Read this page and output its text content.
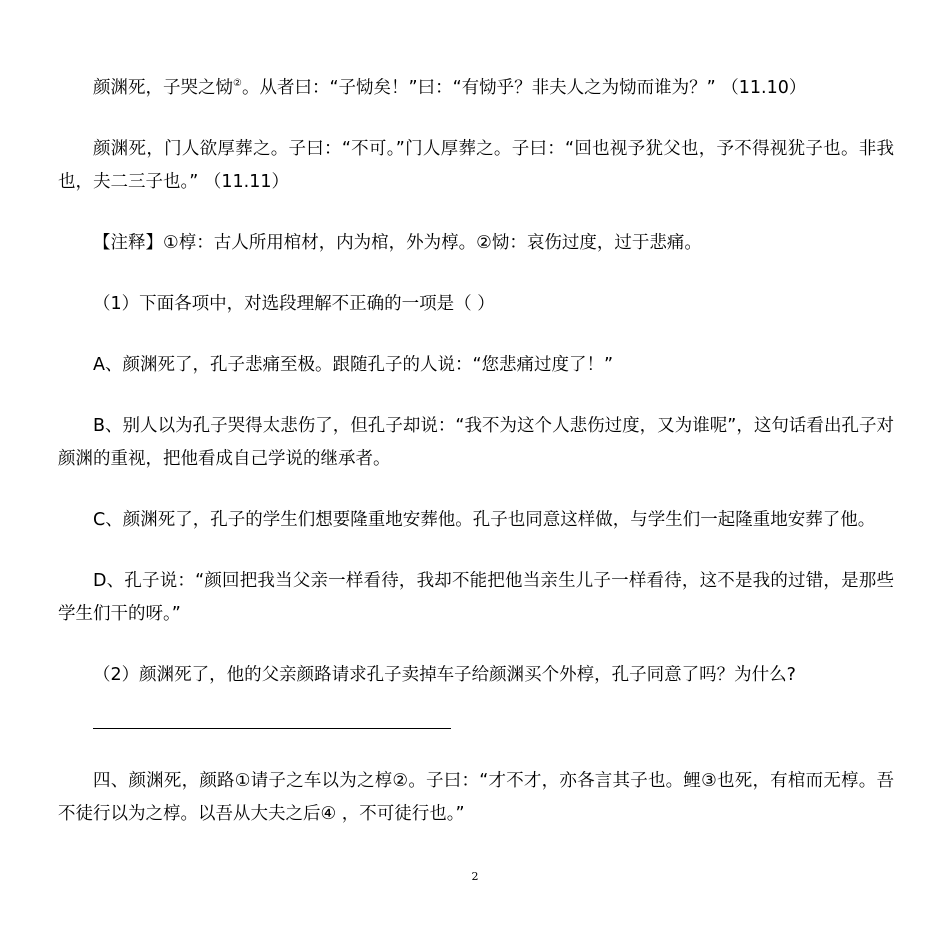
颜渊死，子哭之恸②。从者曰：“子恸矣！”曰：“有恸乎？非夫人之为恸而谁为？” （11.10）

颜渊死，门人欲厚葬之。子曰：“不可。”门人厚葬之。子曰：“回也视予犹父也，予不得视犹子也。非我也，夫二三子也。” （11.11）

【注释】①椁：古人所用棺材，内为棺，外为椁。②恸：哀伤过度，过于悲痛。

（1）下面各项中，对选段理解不正确的一项是（ ）

A、颜渊死了，孔子悲痛至极。跟随孔子的人说：“您悲痛过度了！”

B、别人以为孔子哭得太悲伤了，但孔子却说：“我不为这个人悲伤过度，又为谁呢”，这句话看出孔子对颜渊的重视，把他看成自己学说的继承者。

C、颜渊死了，孔子的学生们想要隆重地安葬他。孔子也同意这样做，与学生们一起隆重地安葬了他。

D、孔子说：“颜回把我当父亲一样看待，我却不能把他当亲生儿子一样看待，这不是我的过错，是那些学生们干的呀。”

（2）颜渊死了，他的父亲颜路请求孔子卖掉车子给颜渊买个外椁，孔子同意了吗？为什么?

四、颜渊死，颜路①请子之车以为之椁②。子曰：“才不才，亦各言其子也。鲤③也死，有棺而无椁。吾不徒行以为之椁。以吾从大夫之后④ ，不可徒行也。”

2
